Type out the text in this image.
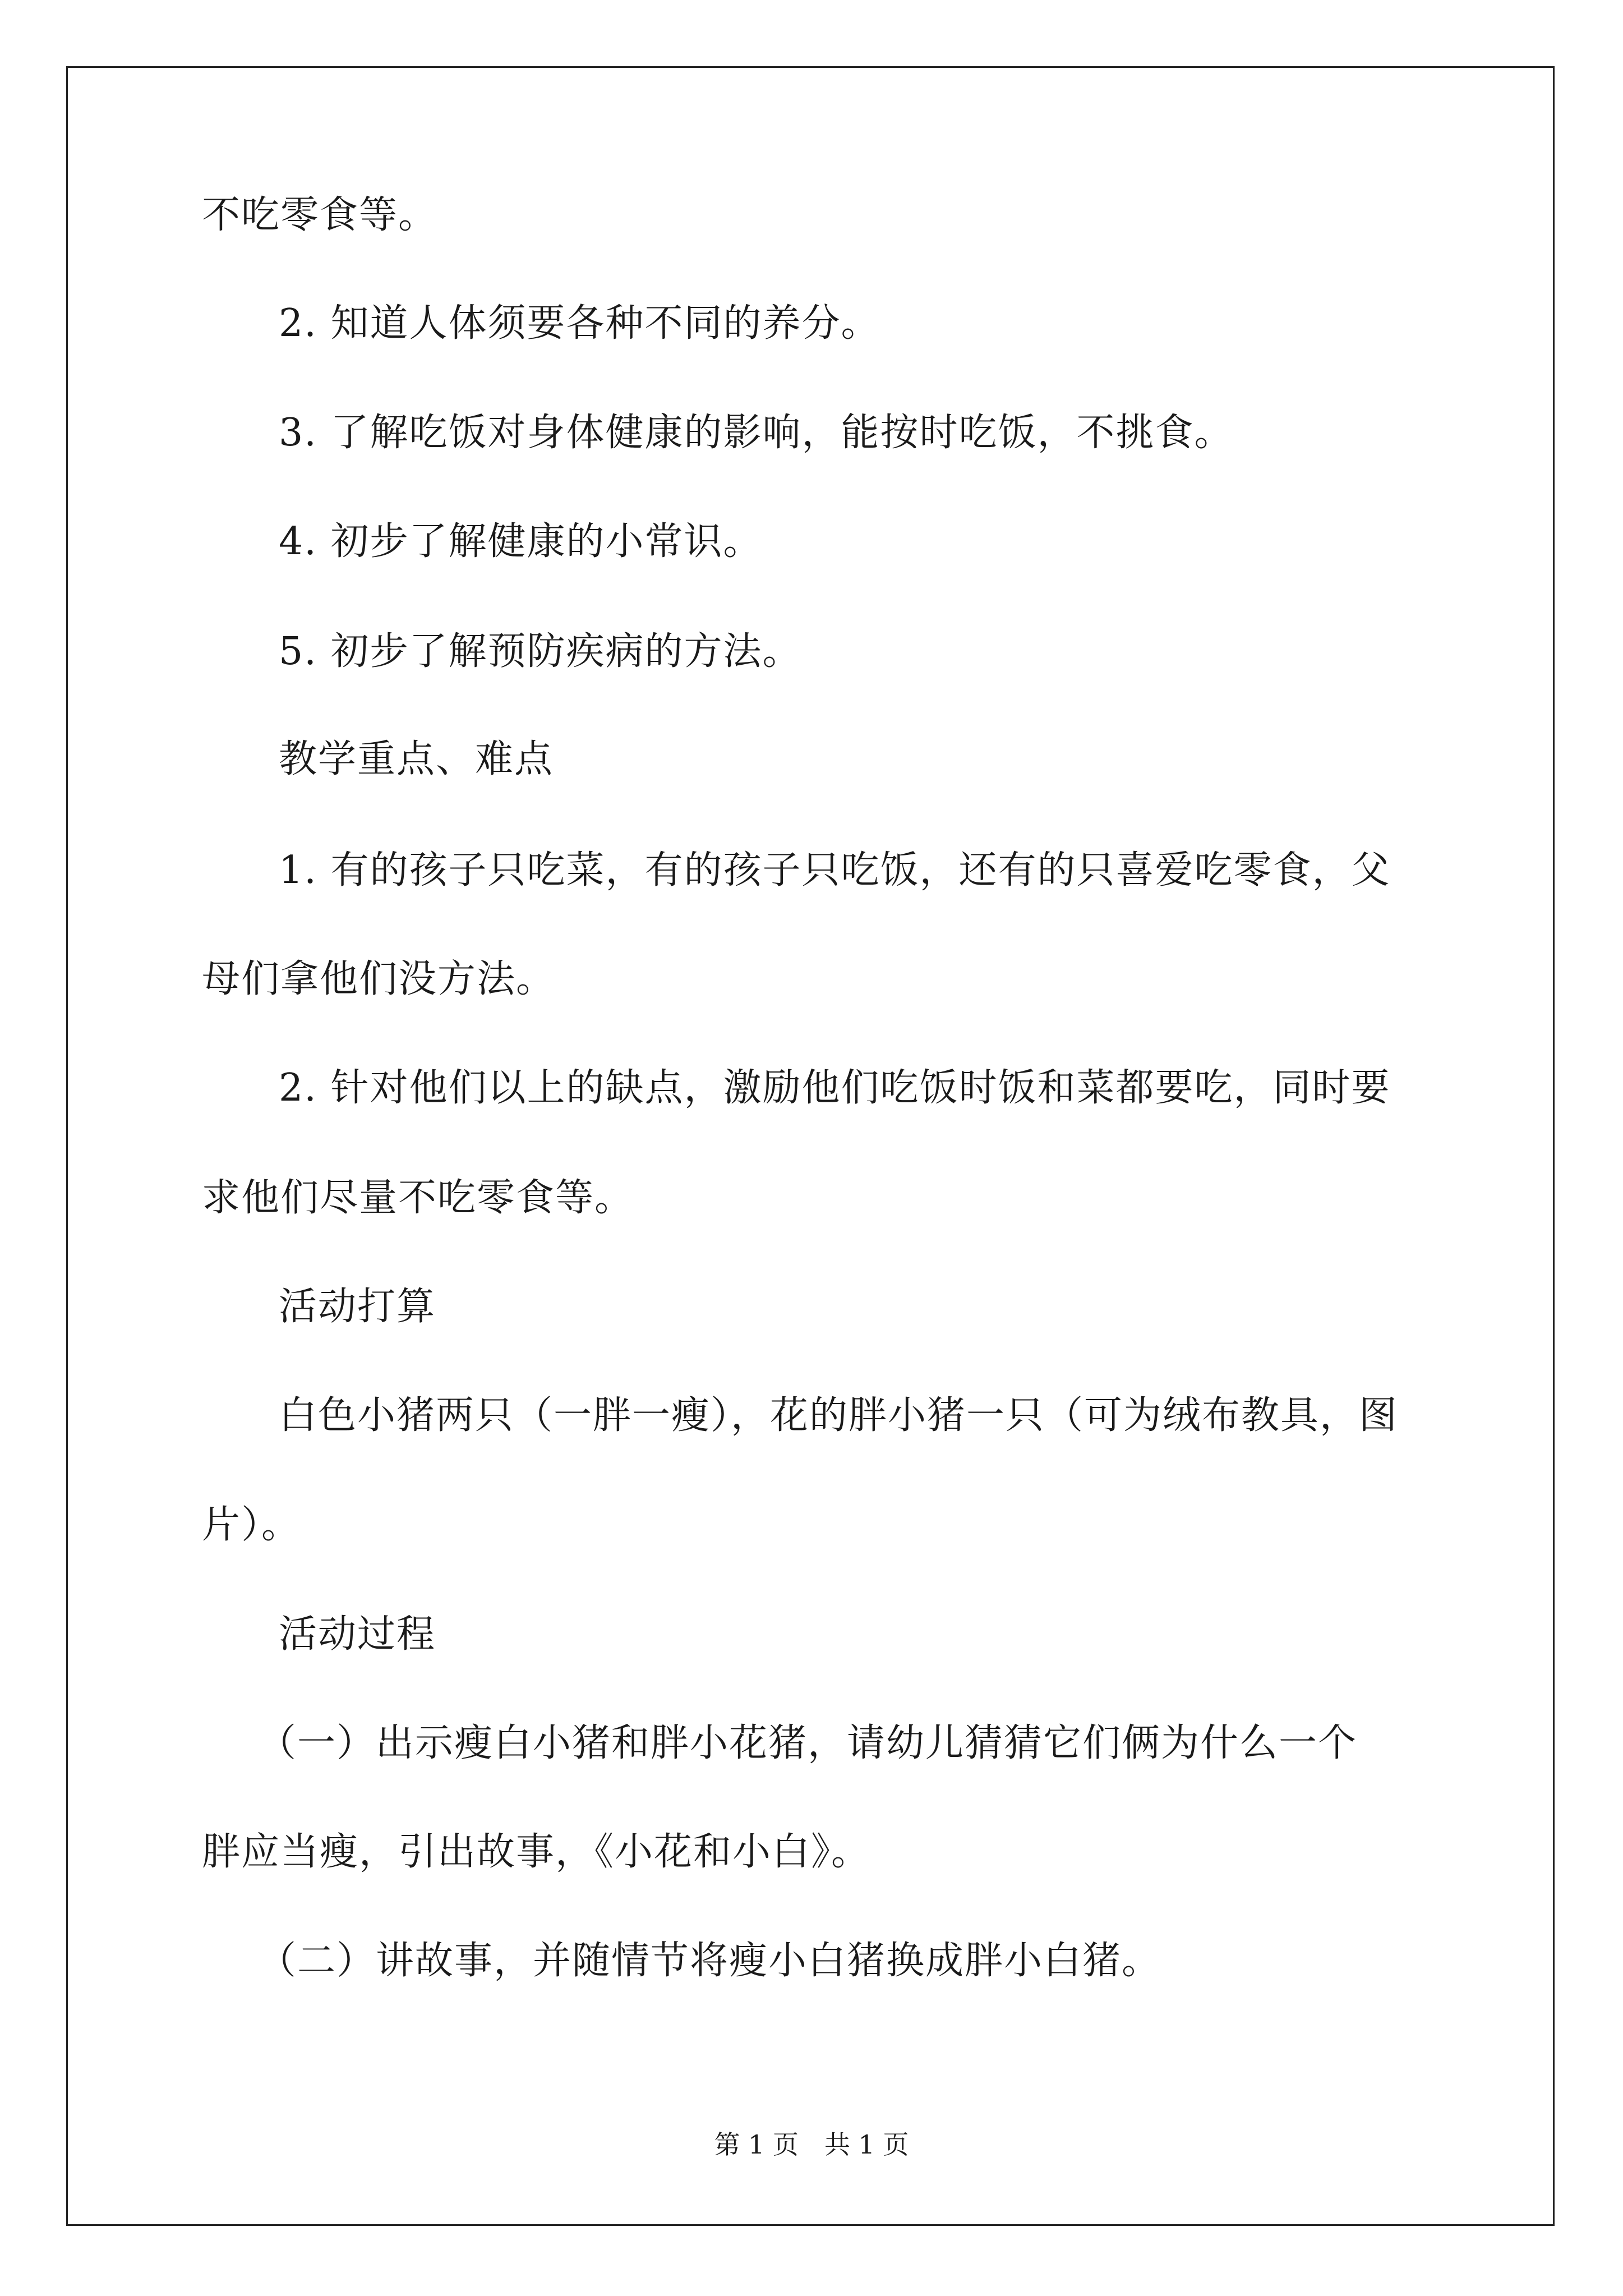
不吃零食等。
2. 知道人体须要各种不同的养分。
3. 了解吃饭对身体健康的影响，能按时吃饭，不挑食。
4. 初步了解健康的小常识。
5. 初步了解预防疾病的方法。
教学重点、难点
1. 有的孩子只吃菜，有的孩子只吃饭，还有的只喜爱吃零食，父
母们拿他们没方法。
2. 针对他们以上的缺点，激励他们吃饭时饭和菜都要吃，同时要
求他们尽量不吃零食等。
活动打算
白色小猪两只（一胖一瘦），花的胖小猪一只（可为绒布教具，图
片）。
活动过程
（一）出示瘦白小猪和胖小花猪，请幼儿猜猜它们俩为什么一个
胖应当瘦，引出故事，《小花和小白》。
（二）讲故事，并随情节将瘦小白猪换成胖小白猪。
第 1 页 共 1 页
